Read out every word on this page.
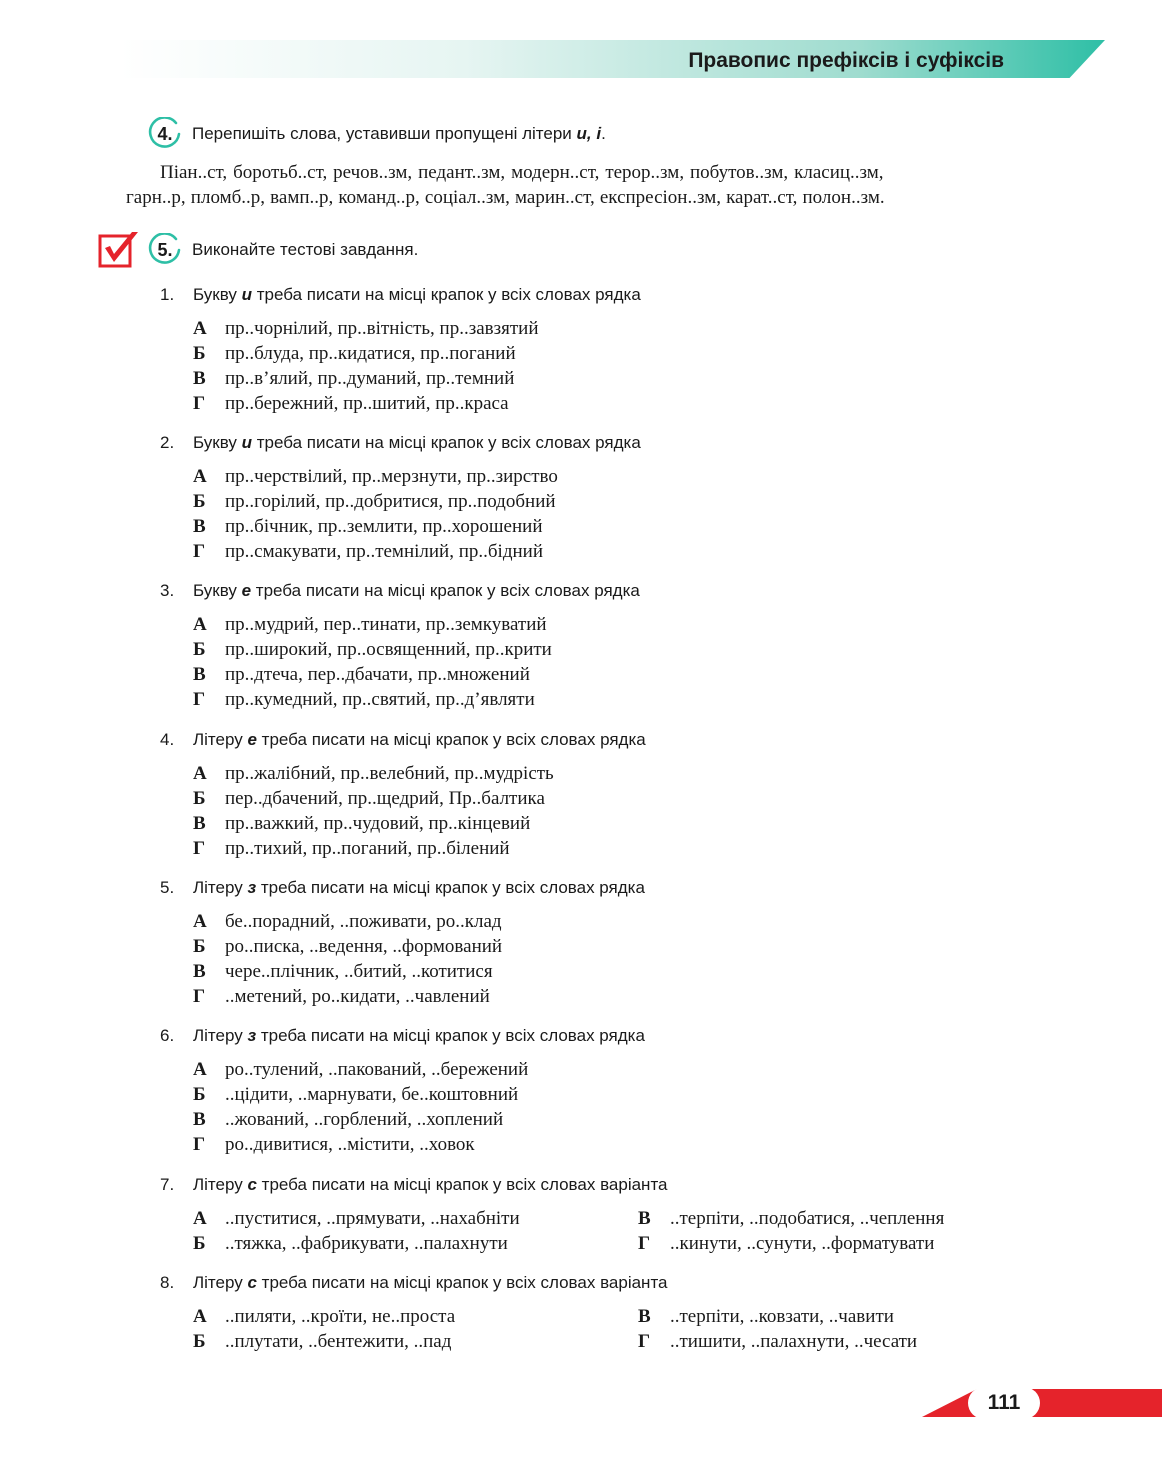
Правопис префіксів і суфіксів
4.	Перепишіть слова, уставивши пропущені літери и, і.

Піан..ст, боротьб..ст, речов..зм, педант..зм, модерн..ст, терор..зм, побутов..зм, класиц..зм,

гарн..р, пломб..р, вамп..р, команд..р, соціал..зм, марин..ст, експресіон..зм, карат..ст, полон..зм.

5.	Виконайте тестові завдання.
1. Букву и треба писати на місці крапок у всіх словах рядка
А пр..чорнілий, пр..вітність, пр..завзятий
Б пр..блуда, пр..кидатися, пр..поганий
В пр..в’ялий, пр..думаний, пр..темний
Г пр..бережний, пр..шитий, пр..краса
2. Букву и треба писати на місці крапок у всіх словах рядка
А пр..черствілий, пр..мерзнути, пр..зирство
Б пр..горілий, пр..добритися, пр..подобний
В пр..бічник, пр..землити, пр..хорошений
Г пр..смакувати, пр..темнілий, пр..бідний
3. Букву е треба писати на місці крапок у всіх словах рядка
А пр..мудрий, пер..тинати, пр..земкуватий
Б пр..широкий, пр..освященний, пр..крити
В пр..дтеча, пер..дбачати, пр..множений
Г пр..кумедний, пр..святий, пр..д’являти
4. Літеру е треба писати на місці крапок у всіх словах рядка
А пр..жалібний, пр..велебний, пр..мудрість
Б пер..дбачений, пр..щедрий, Пр..балтика
В пр..важкий, пр..чудовий, пр..кінцевий
Г пр..тихий, пр..поганий, пр..білений
5. Літеру з треба писати на місці крапок у всіх словах рядка
А бе..порадний, ..поживати, ро..клад
Б ро..писка, ..ведення, ..формований
В чере..плічник, ..битий, ..котитися
Г ..метений, ро..кидати, ..чавлений
6. Літеру з треба писати на місці крапок у всіх словах рядка
А ро..тулений, ..пакований, ..бережений
Б ..цідити, ..марнувати, бе..коштовний
В ..жований, ..горблений, ..хоплений
Г ро..дивитися, ..містити, ..ховок
7. Літеру с треба писати на місці крапок у всіх словах варіанта
А ..пуститися, ..прямувати, ..нахабніти	В ..терпіти, ..подобатися, ..чеплення
Б ..тяжка, ..фабрикувати, ..палахнути	Г ..кинути, ..сунути, ..форматувати
8. Літеру с треба писати на місці крапок у всіх словах варіанта
А ..пиляти, ..кроїти, не..проста	В ..терпіти, ..ковзати, ..чавити
Б ..плутати, ..бентежити, ..пад	Г ..тишити, ..палахнути, ..чесати
111
